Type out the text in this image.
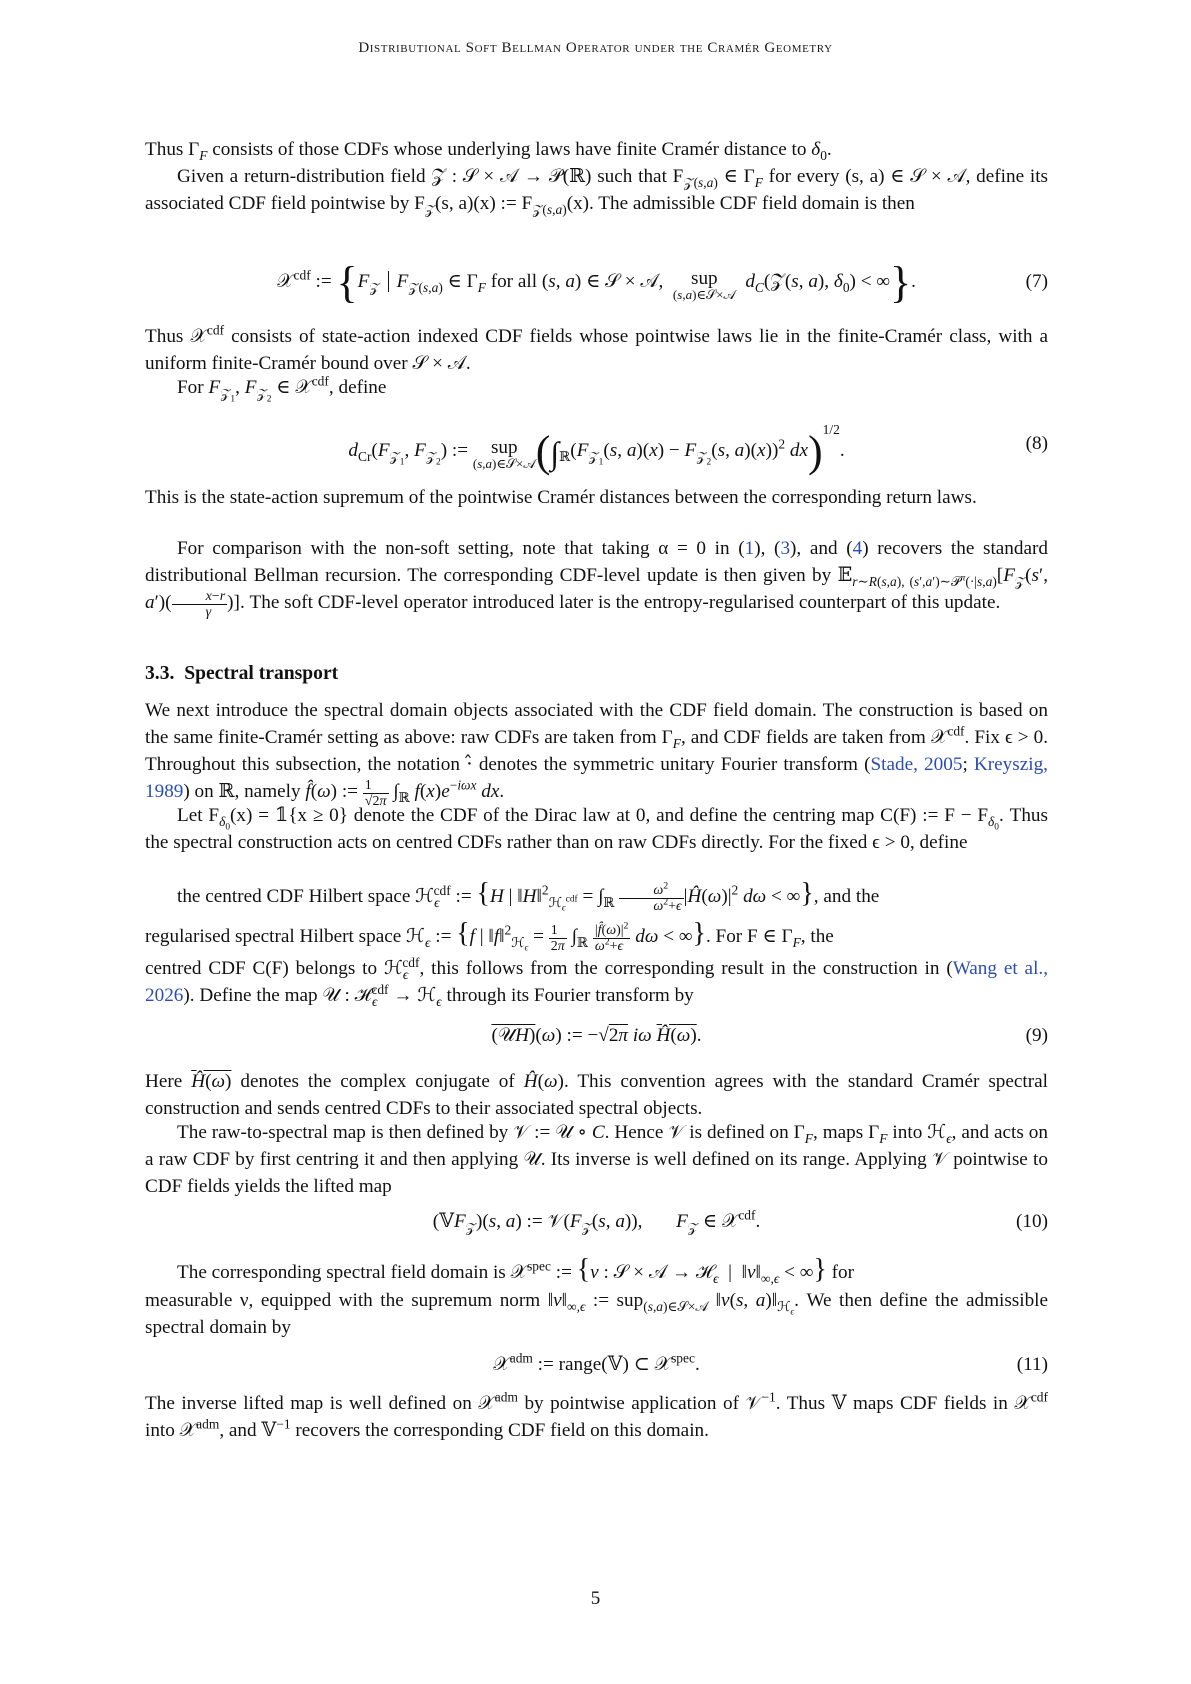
Distributional Soft Bellman Operator under the Cramér Geometry

Thus $\Gamma_F$ consists of those CDFs whose underlying laws have finite Cramér distance to $\delta_0$.

Given a return-distribution field 𝒵 : 𝒮 × 𝒜 → 𝒫(ℝ) such that $F_{𝒵(s,a)}$ ∈ $\Gamma_F$ for every (s, a) ∈ 𝒮 × 𝒜, define its associated CDF field pointwise by $F_𝒵(s$, a)(x) := $F_{𝒵(s,a)}(x)$. The admissible CDF field domain is then

𝒳$^{cdf}$ := {$F_𝒵$ $F_{𝒵(s,a)}$ ∈ $\Gamma_F$ for all (s, a) ∈ 𝒮 × 𝒜,  sup
(s,a)∈𝒮×𝒜
$d_C(𝒵(s$, a), $\delta_0$) < ∞}.	(7)

Thus 𝒳$^{cdf}$ consists of state-action indexed CDF fields whose pointwise laws lie in the finite-Cramér class, with a uniform finite-Cramér bound over 𝒮 × 𝒜.

For $F_{𝒵_1}$, $F_{𝒵_2}$ ∈ 𝒳$^{cdf}$, define

$d_{Cr}(F_{𝒵_1}$, $F_{𝒵_2}$) := sup
(s,a)∈𝒮×𝒜 ($\int_ℝ(F_{𝒵_1}(s$, $a)(x) - F_{𝒵_2}(s$, a)(x))$^2$ dx)$^{1/2}$.	(8)

This is the state-action supremum of the pointwise Cramér distances between the corresponding return laws.

For comparison with the non-soft setting, note that taking α = 0 in (1), (3), and (4) recovers the standard distributional Bellman recursion. The corresponding CDF-level update is then given by $𝔼_{r\sim R(s,a), (s',a')\sim 𝒫^\pi(\cdot|s,a)}[F_𝒵(s'$, $a')( \frac{x-r}{\gamma}$ )]. The soft CDF-level operator introduced later is the entropy-regularised counterpart of this update.

3.3. Spectral transport

We next introduce the spectral domain objects associated with the CDF field domain. The construction is based on the same finite-Cramér setting as above: raw CDFs are taken from $\Gamma_F$, and CDF fields are taken from 𝒳$^{cdf}$. Fix ϵ > 0. Throughout this subsection, the notation ⋅̂ denotes the symmetric unitary Fourier transform (Stade, 2005; Kreyszig, 1989) on ℝ, namely f̂(ω) := $\frac{1}{√2\pi} \int_ℝ$ $f(x)e^{-i\omega x}$ dx.

Let $F_{\delta_0}(x)$ = 𝟙{x ≥ 0} denote the CDF of the Dirac law at 0, and define the centring map C(F) := $F - F_{\delta_0}$. Thus the spectral construction acts on centred CDFs rather than on raw CDFs directly. For the fixed ϵ > 0, define

the centred CDF Hilbert space ℋ$_\epsilon^{cdf}$ := {H | ‖H‖$^2_{ℋ_\epsilon^{cdf}}$ = $\int_ℝ \frac{\omega^2}{\omega^2+\epsilon}$ $|Ĥ(\omega)|^2$ dω < ∞}, and the

regularised spectral Hilbert space ℋ$_\epsilon$ := {f | ‖f‖$^2_{ℋ_\epsilon}$ = $\frac{1}{2\pi} \int_ℝ \frac{|f̂(\omega)|^2}{\omega^2+\epsilon}$ dω < ∞}. For F ∈ $\Gamma_F$, the

centred CDF C(F) belongs to ℋ$_\epsilon^{cdf}$, this follows from the corresponding result in the construction in (Wang et al., 2026). Define the map 𝒰 : ℋ$_\epsilon^{cdf}$ → ℋ$_\epsilon$ through its Fourier transform by

(𝒰H)(ω) := −√2π iω Ĥ(ω).	(9)

Here Ĥ(ω) denotes the complex conjugate of Ĥ(ω). This convention agrees with the standard Cramér spectral construction and sends centred CDFs to their associated spectral objects.

The raw-to-spectral map is then defined by 𝒱 := 𝒰 ∘ C. Hence 𝒱 is defined on $\Gamma_F$, maps $\Gamma_F$ into ℋ$_\epsilon$, and acts on a raw CDF by first centring it and then applying 𝒰. Its inverse is well defined on its range. Applying 𝒱 pointwise to CDF fields yields the lifted map

(𝕍F$_𝒵$)(s, a) := $𝒱(F_𝒵(s$, a)),       $F_𝒵$ ∈ 𝒳$^{cdf}$.	(10)

The corresponding spectral field domain is 𝒳$^{spec}$ := {ν : 𝒮 × 𝒜 → ℋ$_\epsilon$  |  $‖\nu‖_{\infty,\epsilon}$ < ∞} for

measurable ν, equipped with the supremum norm $‖\nu‖_{\infty,\epsilon}$ := sup$_{(s,a)\in 𝒮\times 𝒜}$ ‖ν(s, $a)‖_{ℋ_\epsilon}$. We then define the admissible spectral domain by

𝒳$^{adm}$ := range(𝕍) ⊂ 𝒳$^{spec}$.	(11)

The inverse lifted map is well defined on 𝒳$^{adm}$ by pointwise application of 𝒱$^{-1}$. Thus 𝕍 maps CDF fields in 𝒳$^{cdf}$ into 𝒳$^{adm}$, and 𝕍$^{-1}$ recovers the corresponding CDF field on this domain.

5
